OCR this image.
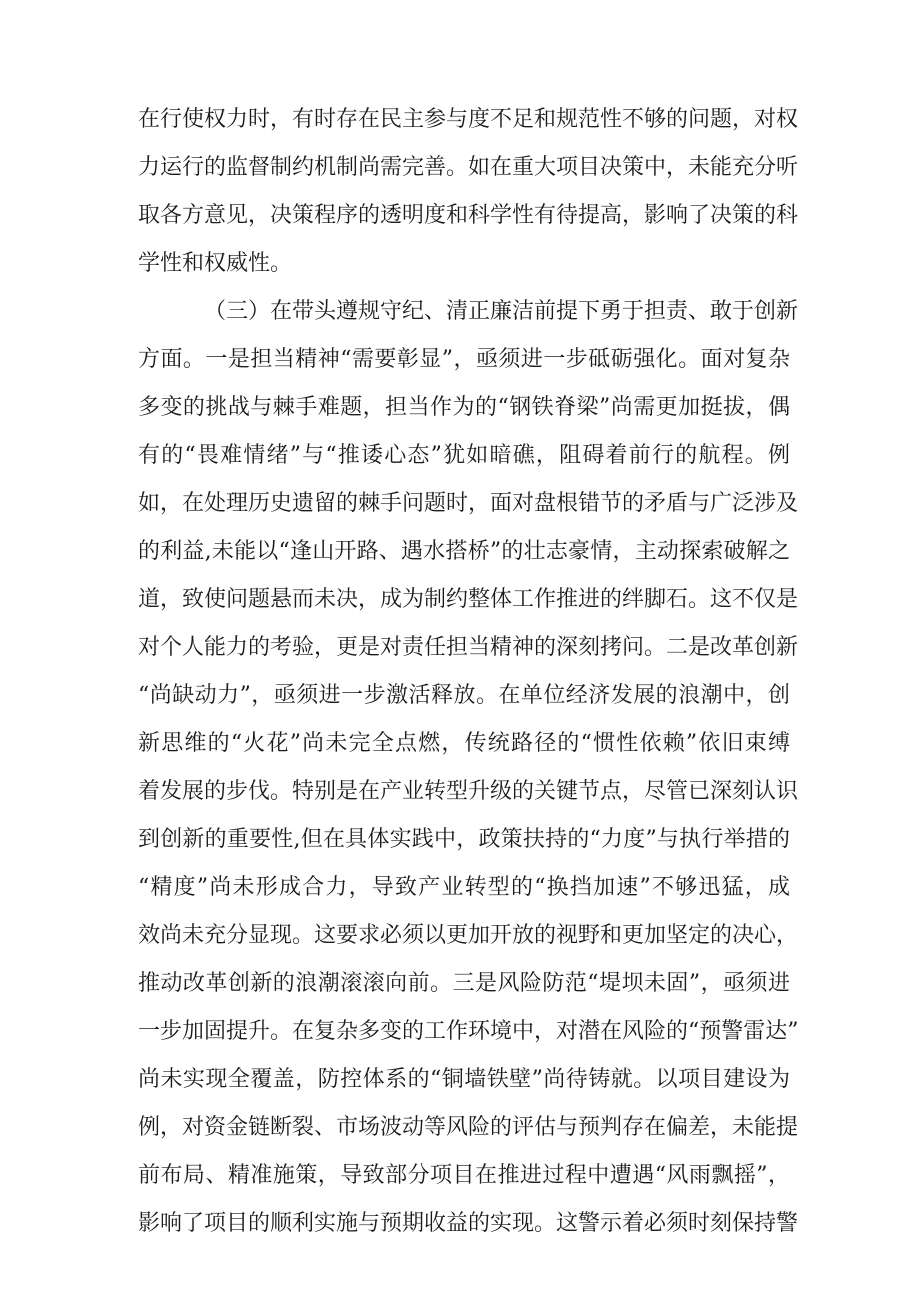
在行使权力时，有时存在民主参与度不足和规范性不够的问题，对权
力运行的监督制约机制尚需完善。如在重大项目决策中，未能充分听
取各方意见，决策程序的透明度和科学性有待提高，影响了决策的科
学性和权威性。
（三）在带头遵规守纪、清正廉洁前提下勇于担责、敢于创新
方面。一是担当精神“需要彰显”，亟须进一步砥砺强化。面对复杂
多变的挑战与棘手难题，担当作为的“钢铁脊梁”尚需更加挺拔，偶
有的“畏难情绪”与“推诿心态”犹如暗礁，阻碍着前行的航程。例
如，在处理历史遗留的棘手问题时，面对盘根错节的矛盾与广泛涉及
的利益,未能以“逢山开路、遇水搭桥”的壮志豪情，主动探索破解之
道，致使问题悬而未决，成为制约整体工作推进的绊脚石。这不仅是
对个人能力的考验，更是对责任担当精神的深刻拷问。二是改革创新
“尚缺动力”，亟须进一步激活释放。在单位经济发展的浪潮中，创
新思维的“火花”尚未完全点燃，传统路径的“惯性依赖”依旧束缚
着发展的步伐。特别是在产业转型升级的关键节点，尽管已深刻认识
到创新的重要性,但在具体实践中，政策扶持的“力度”与执行举措的
“精度”尚未形成合力，导致产业转型的“换挡加速”不够迅猛，成
效尚未充分显现。这要求必须以更加开放的视野和更加坚定的决心，
推动改革创新的浪潮滚滚向前。三是风险防范“堤坝未固”，亟须进
一步加固提升。在复杂多变的工作环境中，对潜在风险的“预警雷达”
尚未实现全覆盖，防控体系的“铜墙铁壁”尚待铸就。以项目建设为
例，对资金链断裂、市场波动等风险的评估与预判存在偏差，未能提
前布局、精准施策，导致部分项目在推进过程中遭遇“风雨飘摇”，
影响了项目的顺利实施与预期收益的实现。这警示着必须时刻保持警
